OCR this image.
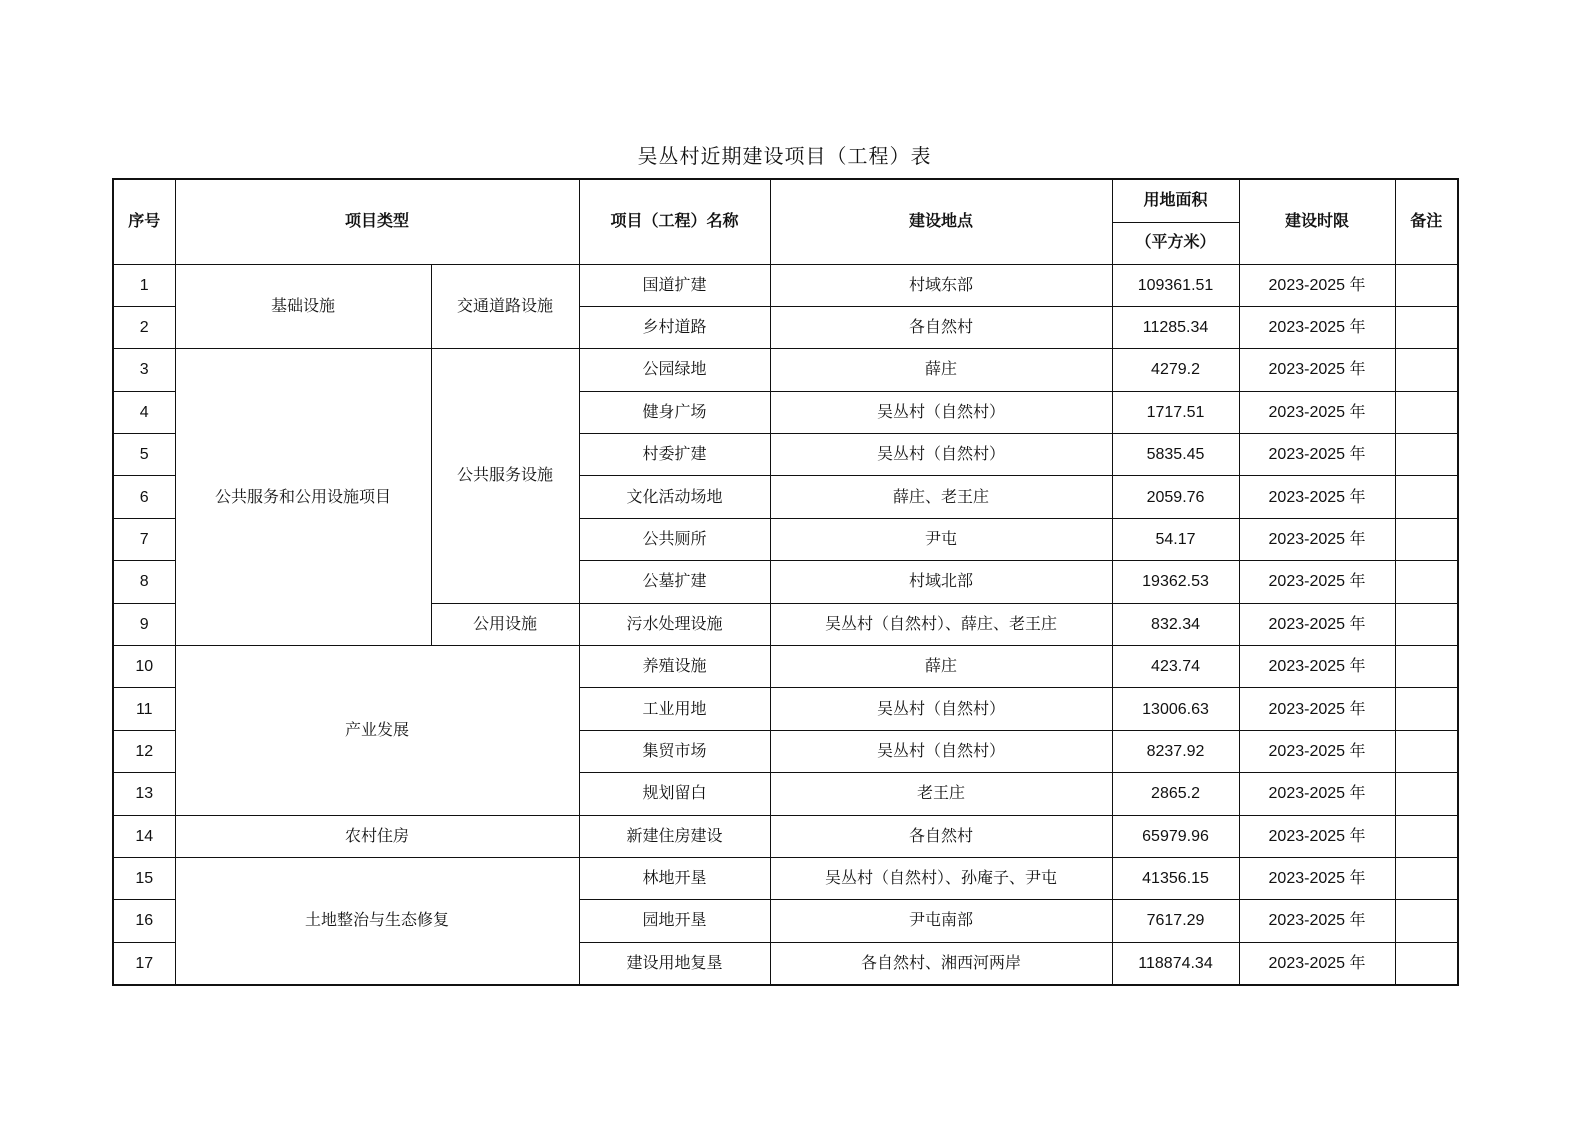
吴丛村近期建设项目（工程）表
序号	项目类型		项目（工程）名称	建设地点	用地面积	建设时限	备注
					（平方米）		
1	基础设施	交通道路设施	国道扩建	村域东部	109361.51	2023-2025 年	
2			乡村道路	各自然村	11285.34	2023-2025 年	
3	公共服务和公用设施项目	公共服务设施	公园绿地	薛庄	4279.2	2023-2025 年	
4			健身广场	吴丛村（自然村）	1717.51	2023-2025 年	
5			村委扩建	吴丛村（自然村）	5835.45	2023-2025 年	
6			文化活动场地	薛庄、老王庄	2059.76	2023-2025 年	
7			公共厕所	尹屯	54.17	2023-2025 年	
8			公墓扩建	村域北部	19362.53	2023-2025 年	
9		公用设施	污水处理设施	吴丛村（自然村）、薛庄、老王庄	832.34	2023-2025 年	
10	产业发展		养殖设施	薛庄	423.74	2023-2025 年	
11			工业用地	吴丛村（自然村）	13006.63	2023-2025 年	
12			集贸市场	吴丛村（自然村）	8237.92	2023-2025 年	
13			规划留白	老王庄	2865.2	2023-2025 年	
14	农村住房		新建住房建设	各自然村	65979.96	2023-2025 年	
15	土地整治与生态修复		林地开垦	吴丛村（自然村）、孙庵子、尹屯	41356.15	2023-2025 年	
16			园地开垦	尹屯南部	7617.29	2023-2025 年	
17			建设用地复垦	各自然村、湘西河两岸	118874.34	2023-2025 年	
